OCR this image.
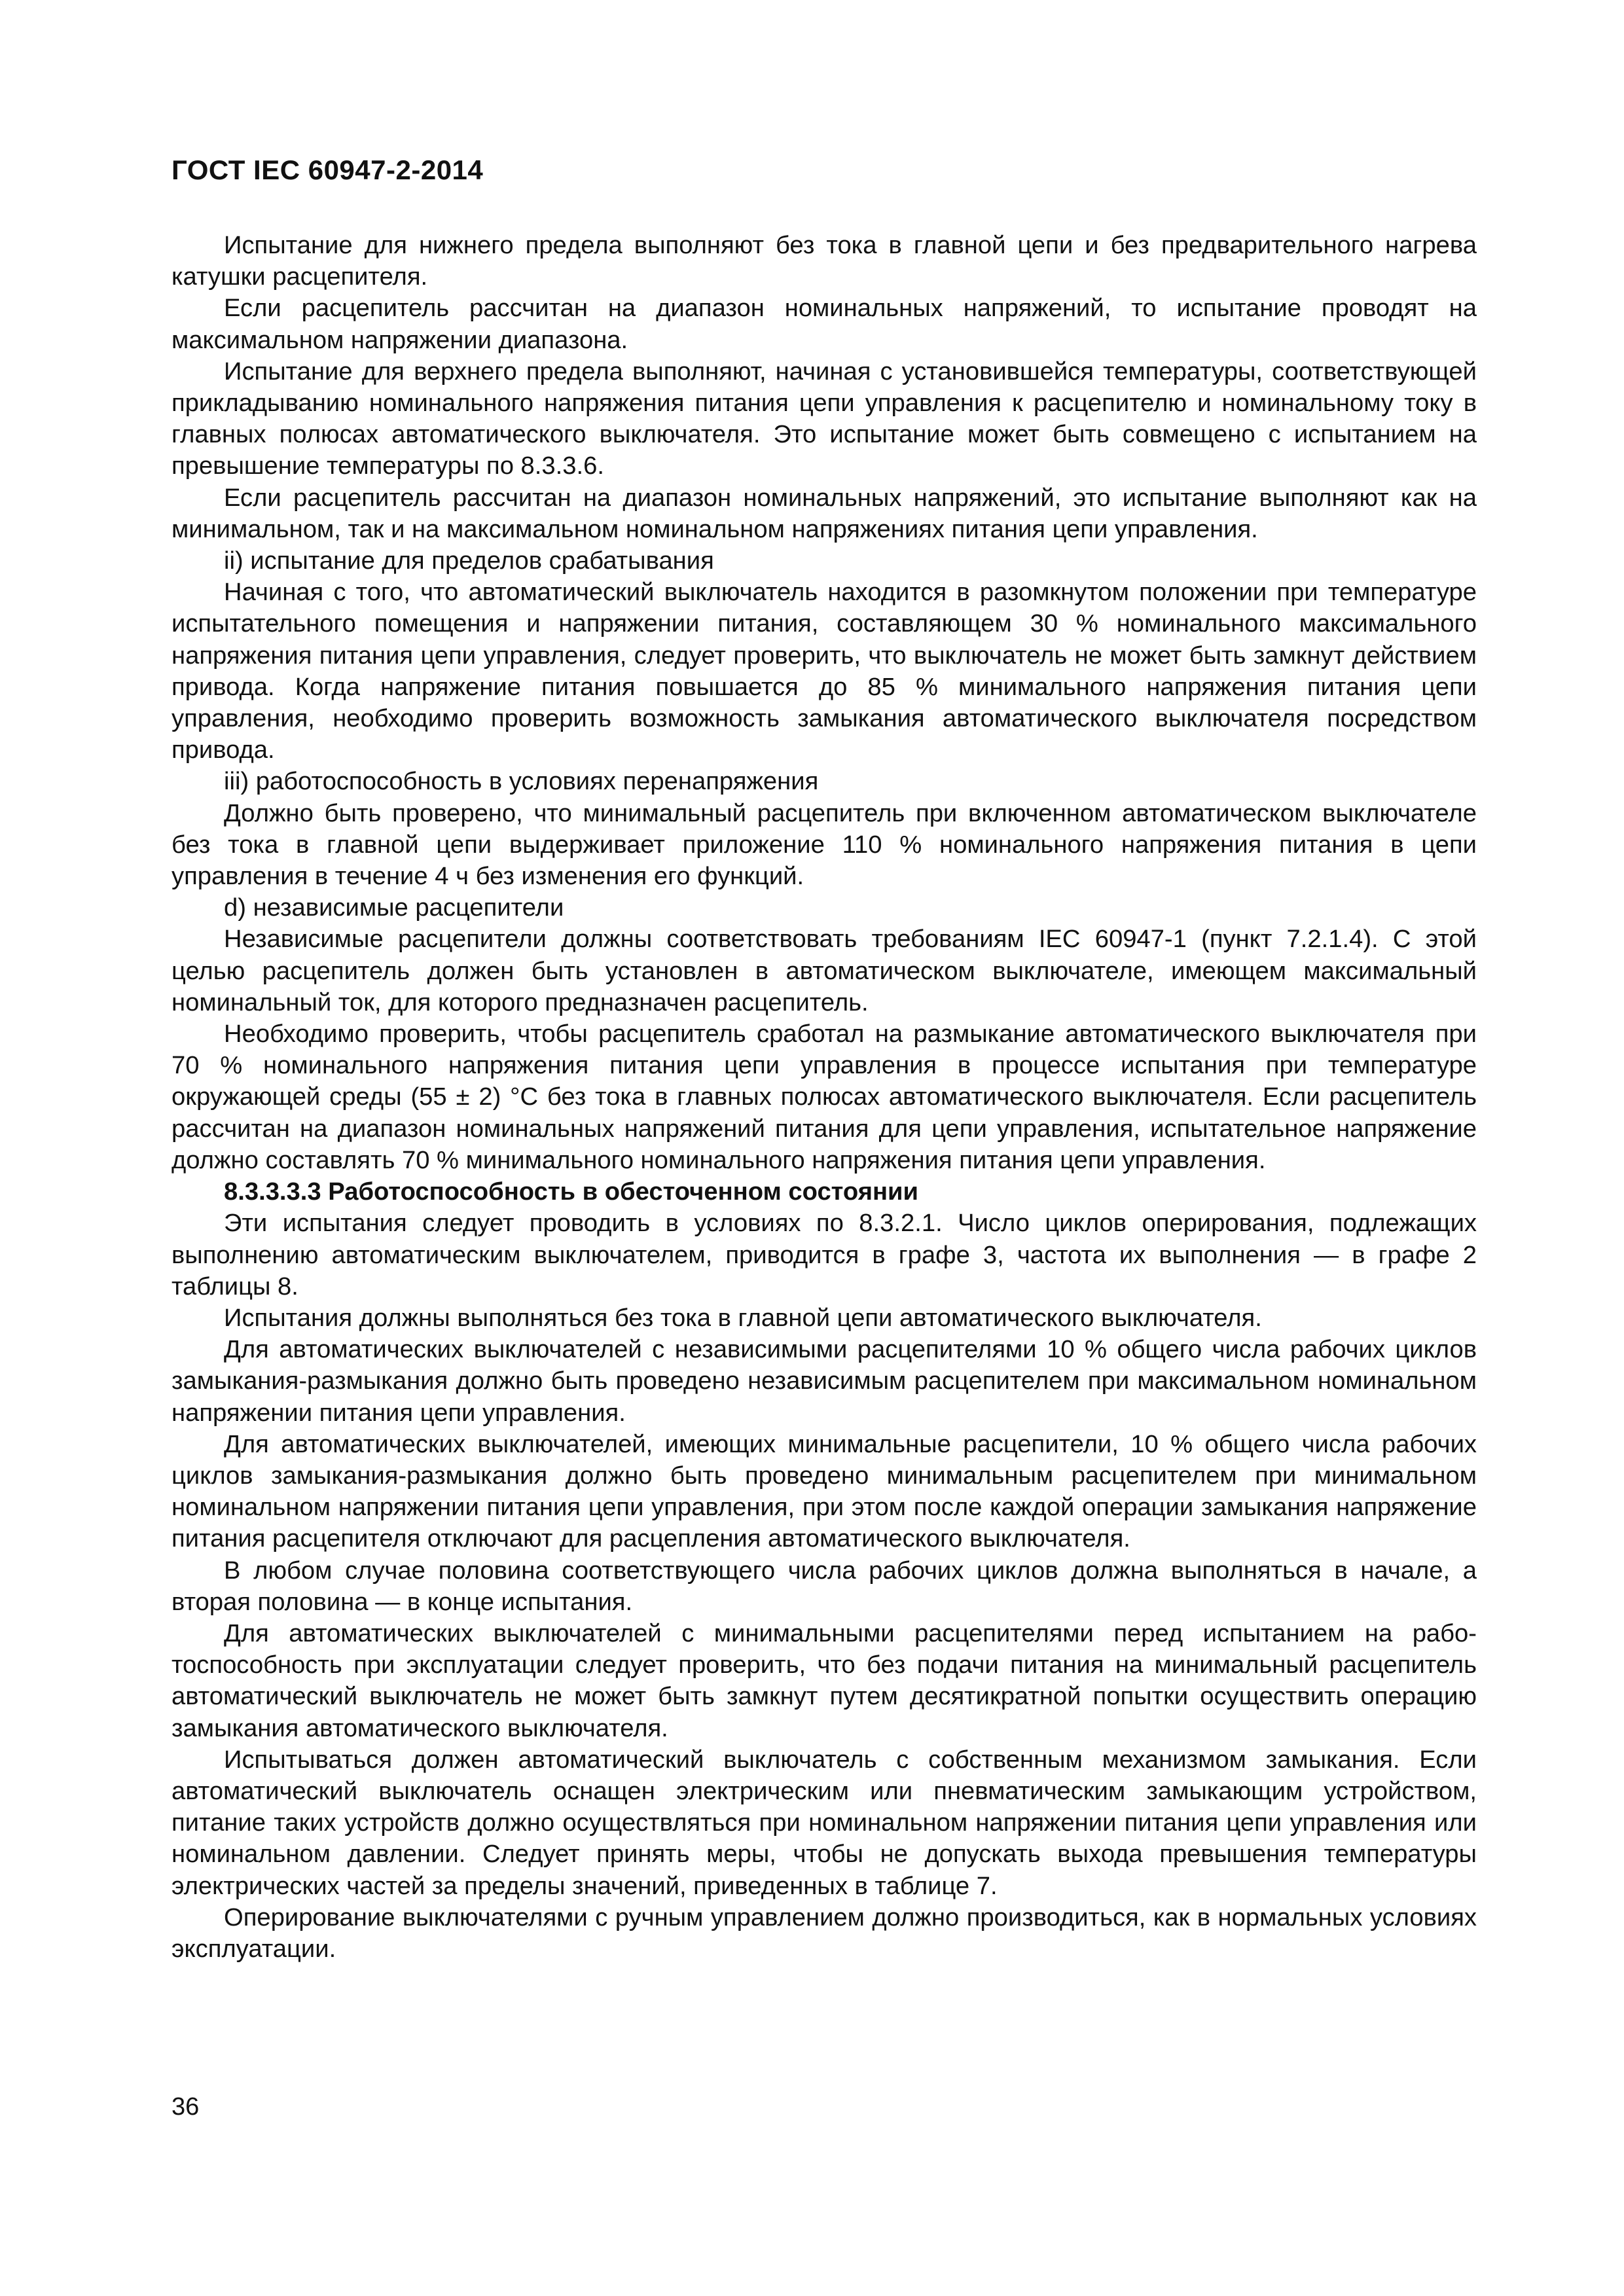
ГОСТ IEC 60947-2-2014

Испытание для нижнего предела выполняют без тока в главной цепи и без предварительного нагрева катушки расцепителя.

Если расцепитель рассчитан на диапазон номинальных напряжений, то испытание проводят на максимальном напряжении диапазона.

Испытание для верхнего предела выполняют, начиная с установившейся температуры, соответствующей прикладыванию номинального напряжения питания цепи управления к расцепителю и номинальному току в главных полюсах автоматического выключателя. Это испытание может быть совмещено с испытанием на превышение температуры по 8.3.3.6.

Если расцепитель рассчитан на диапазон номинальных напряжений, это испытание выполняют как на минимальном, так и на максимальном номинальном напряжениях питания цепи управления.

ii) испытание для пределов срабатывания

Начиная с того, что автоматический выключатель находится в разомкнутом положении при температуре испытательного помещения и напряжении питания, составляющем 30 % номинального максимального напряжения питания цепи управления, следует проверить, что выключатель не может быть замкнут действием привода. Когда напряжение питания повышается до 85 % минимального напряжения питания цепи управления, необходимо проверить возможность замыкания автоматического выключателя посредством привода.

iii) работоспособность в условиях перенапряжения

Должно быть проверено, что минимальный расцепитель при включенном автоматическом выключателе без тока в главной цепи выдерживает приложение 110 % номинального напряжения питания в цепи управления в течение 4 ч без изменения его функций.

d) независимые расцепители

Независимые расцепители должны соответствовать требованиям IEC 60947-1 (пункт 7.2.1.4). С этой целью расцепитель должен быть установлен в автоматическом выключателе, имеющем максимальный номинальный ток, для которого предназначен расцепитель.

Необходимо проверить, чтобы расцепитель сработал на размыкание автоматического выключателя при 70 % номинального напряжения питания цепи управления в процессе испытания при температуре окружающей среды (55 ± 2) °С без тока в главных полюсах автоматического выключателя. Если расцепитель рассчитан на диапазон номинальных напряжений питания для цепи управления, испытательное напряжение должно составлять 70 % минимального номинального напряжения питания цепи управления.

8.3.3.3.3 Работоспособность в обесточенном состоянии

Эти испытания следует проводить в условиях по 8.3.2.1. Число циклов оперирования, подлежащих выполнению автоматическим выключателем, приводится в графе 3, частота их выполнения — в графе 2 таблицы 8.

Испытания должны выполняться без тока в главной цепи автоматического выключателя.

Для автоматических выключателей с независимыми расцепителями 10 % общего числа рабочих циклов замыкания-размыкания должно быть проведено независимым расцепителем при максимальном номинальном напряжении питания цепи управления.

Для автоматических выключателей, имеющих минимальные расцепители, 10 % общего числа рабочих циклов замыкания-размыкания должно быть проведено минимальным расцепителем при минимальном номинальном напряжении питания цепи управления, при этом после каждой операции замыкания напряжение питания расцепителя отключают для расцепления автоматического выключателя.

В любом случае половина соответствующего числа рабочих циклов должна выполняться в начале, а вторая половина — в конце испытания.

Для автоматических выключателей с минимальными расцепителями перед испытанием на работоспособность при эксплуатации следует проверить, что без подачи питания на минимальный расцепитель автоматический выключатель не может быть замкнут путем десятикратной попытки осуществить операцию замыкания автоматического выключателя.

Испытываться должен автоматический выключатель с собственным механизмом замыкания. Если автоматический выключатель оснащен электрическим или пневматическим замыкающим устройством, питание таких устройств должно осуществляться при номинальном напряжении питания цепи управления или номинальном давлении. Следует принять меры, чтобы не допускать выхода превышения температуры электрических частей за пределы значений, приведенных в таблице 7.

Оперирование выключателями с ручным управлением должно производиться, как в нормальных условиях эксплуатации.

36
